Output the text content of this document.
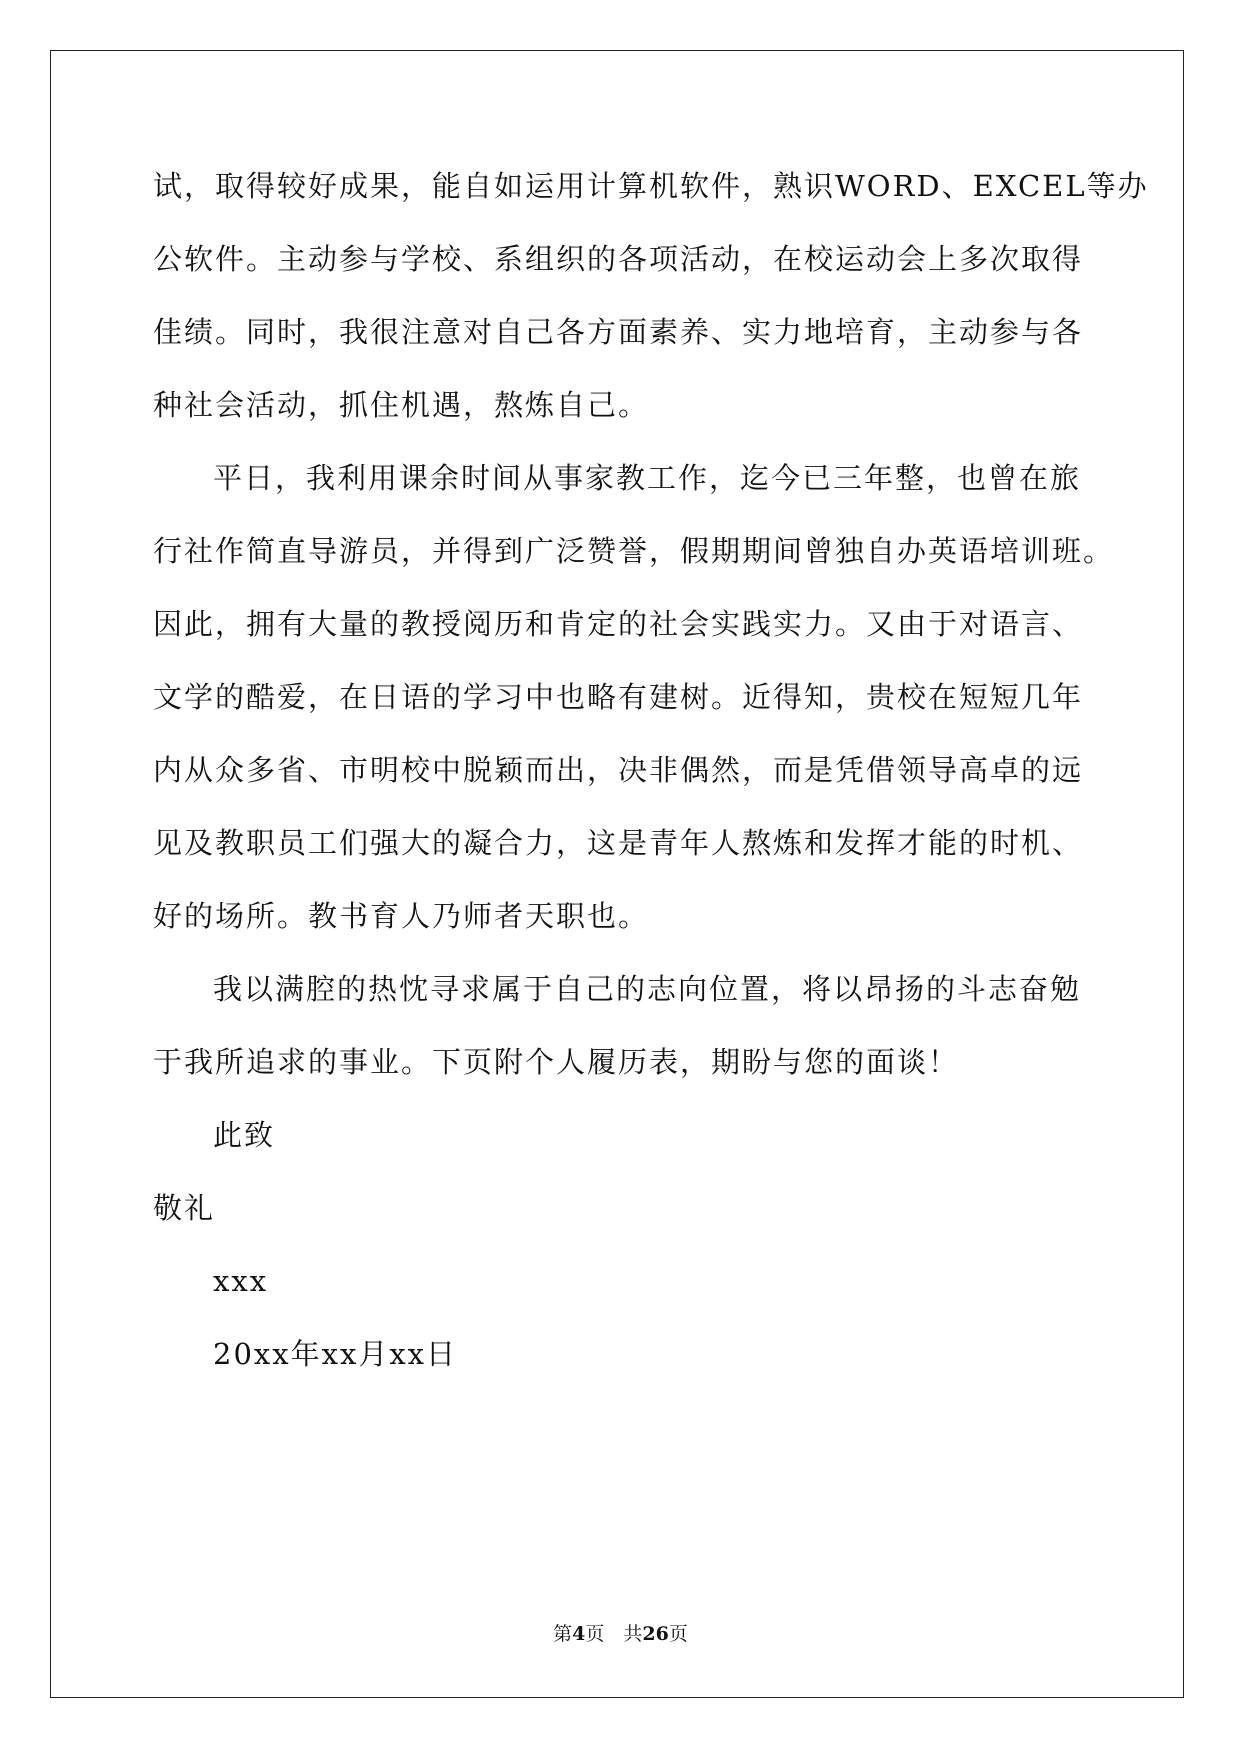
试，取得较好成果，能自如运用计算机软件，熟识WORD、EXCEL等办
公软件。主动参与学校、系组织的各项活动，在校运动会上多次取得
佳绩。同时，我很注意对自己各方面素养、实力地培育，主动参与各
种社会活动，抓住机遇，熬炼自己。
平日，我利用课余时间从事家教工作，迄今已三年整，也曾在旅
行社作简直导游员，并得到广泛赞誉，假期期间曾独自办英语培训班。
因此，拥有大量的教授阅历和肯定的社会实践实力。又由于对语言、
文学的酷爱，在日语的学习中也略有建树。近得知，贵校在短短几年
内从众多省、市明校中脱颖而出，决非偶然，而是凭借领导高卓的远
见及教职员工们强大的凝合力，这是青年人熬炼和发挥才能的时机、
好的场所。教书育人乃师者天职也。
我以满腔的热忱寻求属于自己的志向位置，将以昂扬的斗志奋勉
于我所追求的事业。下页附个人履历表，期盼与您的面谈！
此致
敬礼
xxx
20xx年xx月xx日
第4页　共26页
